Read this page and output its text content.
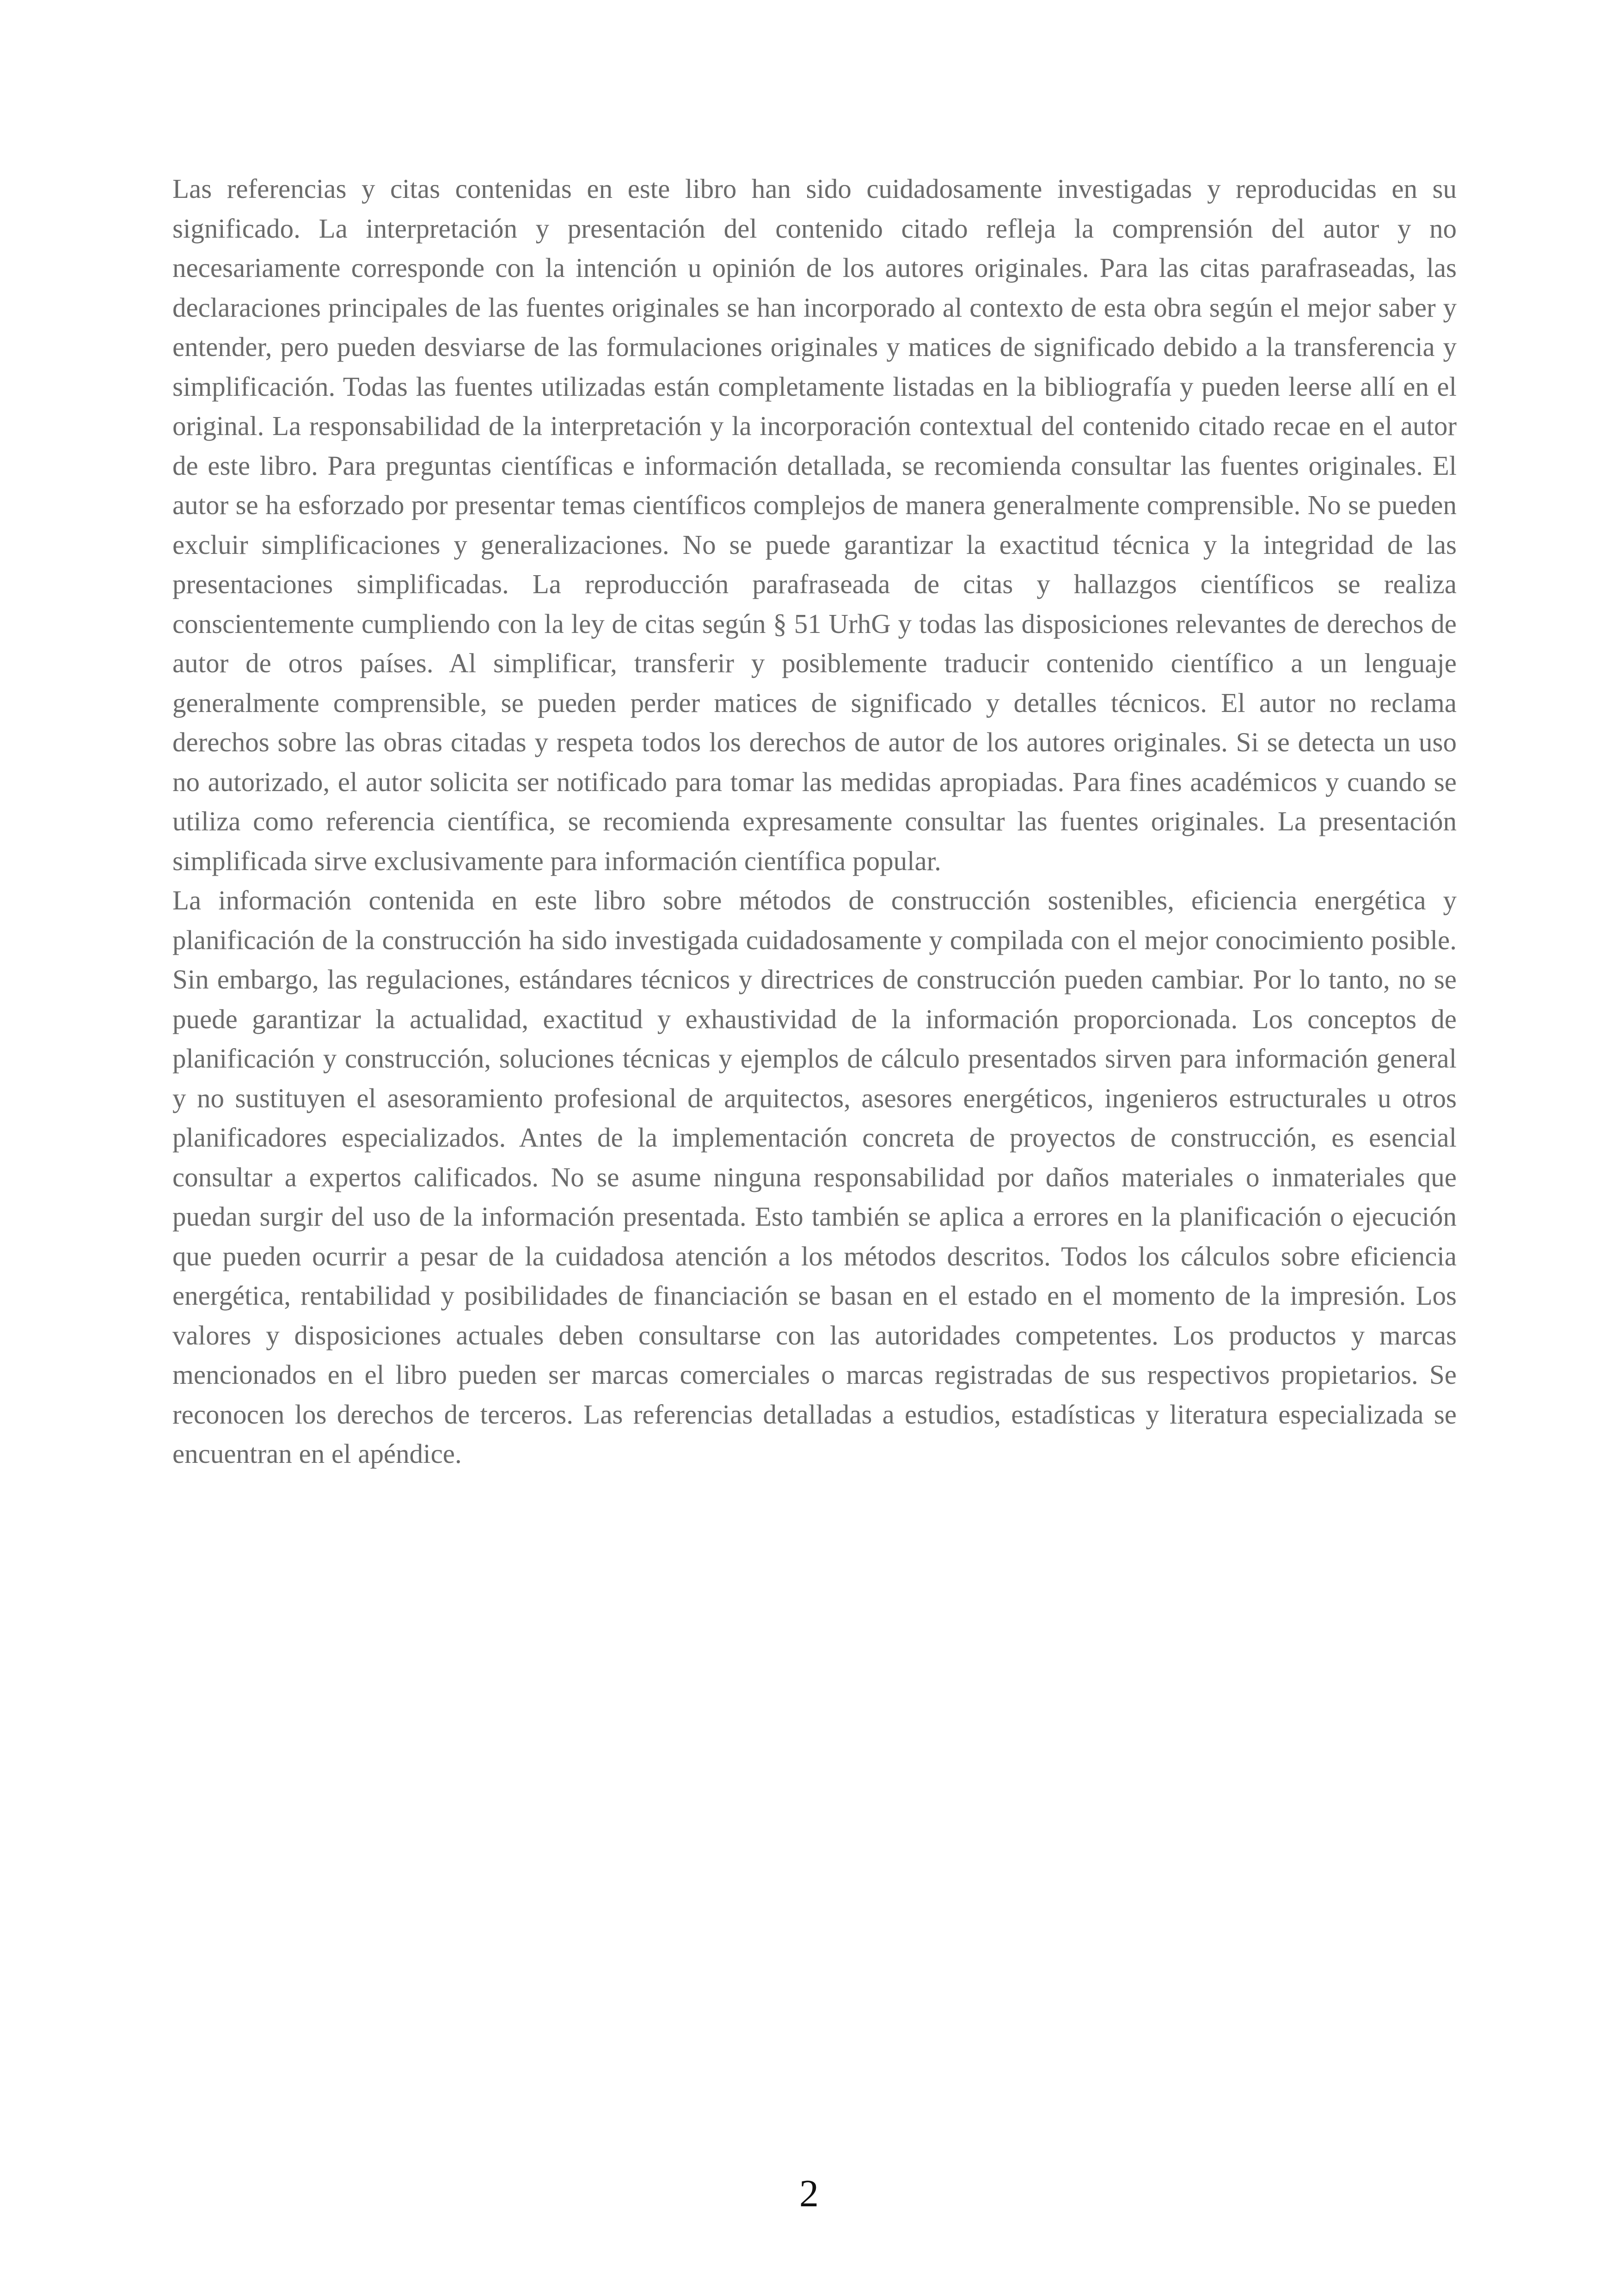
Las referencias y citas contenidas en este libro han sido cuidadosamente investigadas y reproducidas en su significado. La interpretación y presentación del contenido citado refleja la comprensión del autor y no necesariamente corresponde con la intención u opinión de los autores originales. Para las citas parafraseadas, las declaraciones principales de las fuentes originales se han incorporado al contexto de esta obra según el mejor saber y entender, pero pueden desviarse de las formulaciones originales y matices de significado debido a la transferencia y simplificación. Todas las fuentes utilizadas están completamente listadas en la bibliografía y pueden leerse allí en el original. La responsabilidad de la interpretación y la incorporación contextual del contenido citado recae en el autor de este libro. Para preguntas científicas e información detallada, se recomienda consultar las fuentes originales. El autor se ha esforzado por presentar temas científicos complejos de manera generalmente comprensible. No se pueden excluir simplificaciones y generalizaciones. No se puede garantizar la exactitud técnica y la integridad de las presentaciones simplificadas. La reproducción parafraseada de citas y hallazgos científicos se realiza conscientemente cumpliendo con la ley de citas según § 51 UrhG y todas las disposiciones relevantes de derechos de autor de otros países. Al simplificar, transferir y posiblemente traducir contenido científico a un lenguaje generalmente comprensible, se pueden perder matices de significado y detalles técnicos. El autor no reclama derechos sobre las obras citadas y respeta todos los derechos de autor de los autores originales. Si se detecta un uso no autorizado, el autor solicita ser notificado para tomar las medidas apropiadas. Para fines académicos y cuando se utiliza como referencia científica, se recomienda expresamente consultar las fuentes originales. La presentación simplificada sirve exclusivamente para información científica popular.

La información contenida en este libro sobre métodos de construcción sostenibles, eficiencia energética y planificación de la construcción ha sido investigada cuidadosamente y compilada con el mejor conocimiento posible. Sin embargo, las regulaciones, estándares técnicos y directrices de construcción pueden cambiar. Por lo tanto, no se puede garantizar la actualidad, exactitud y exhaustividad de la información proporcionada. Los conceptos de planificación y construcción, soluciones técnicas y ejemplos de cálculo presentados sirven para información general y no sustituyen el asesoramiento profesional de arquitectos, asesores energéticos, ingenieros estructurales u otros planificadores especializados. Antes de la implementación concreta de proyectos de construcción, es esencial consultar a expertos calificados. No se asume ninguna responsabilidad por daños materiales o inmateriales que puedan surgir del uso de la información presentada. Esto también se aplica a errores en la planificación o ejecución que pueden ocurrir a pesar de la cuidadosa atención a los métodos descritos. Todos los cálculos sobre eficiencia energética, rentabilidad y posibilidades de financiación se basan en el estado en el momento de la impresión. Los valores y disposiciones actuales deben consultarse con las autoridades competentes. Los productos y marcas mencionados en el libro pueden ser marcas comerciales o marcas registradas de sus respectivos propietarios. Se reconocen los derechos de terceros. Las referencias detalladas a estudios, estadísticas y literatura especializada se encuentran en el apéndice.

2
